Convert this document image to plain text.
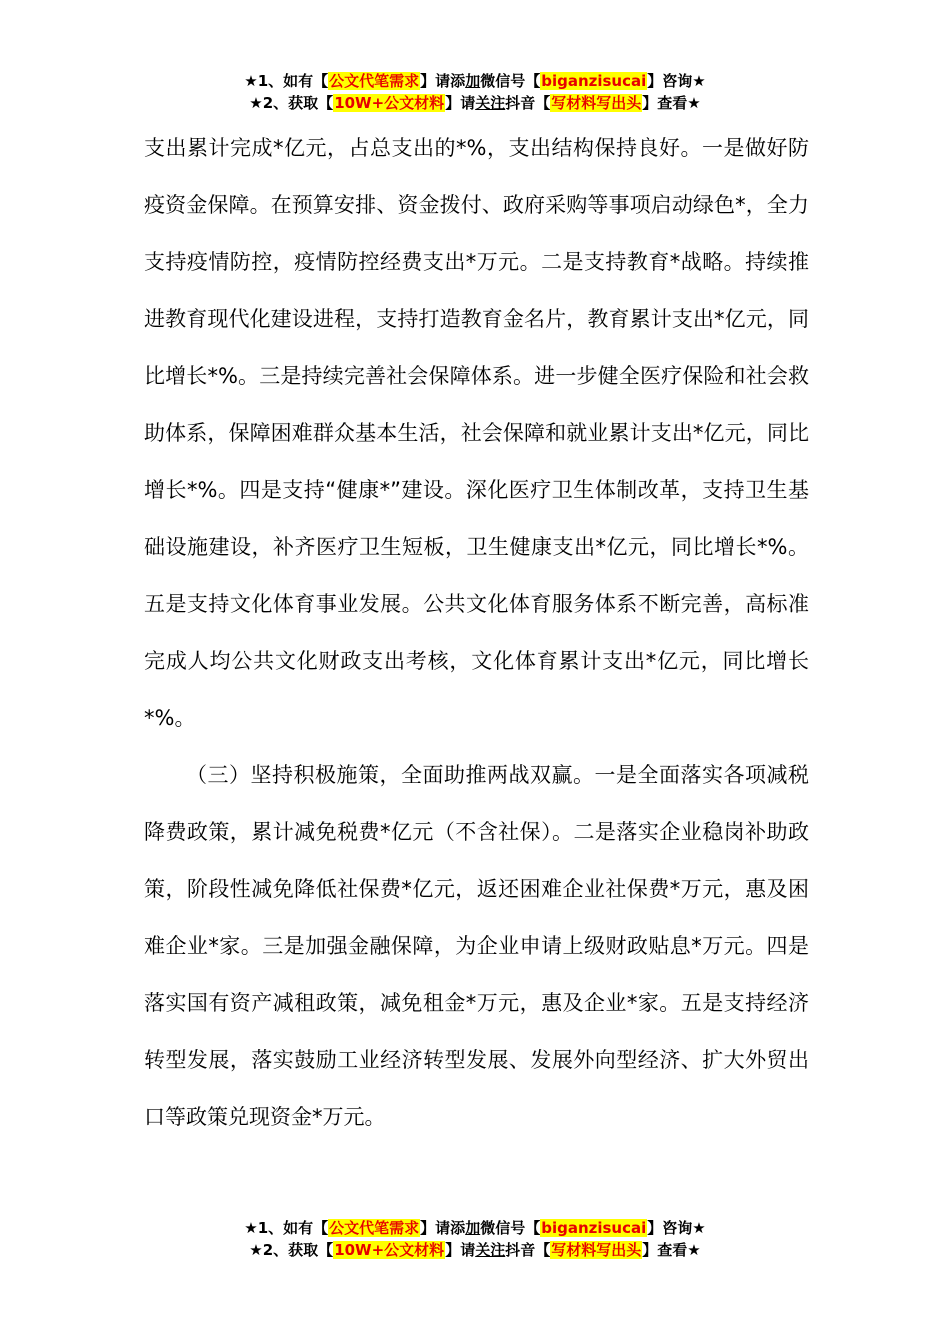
★1、如有【公文代笔需求】请添加微信号【biganzisucai】咨询★
★2、获取【10W+公文材料】请关注抖音【写材料写出头】查看★

支出累计完成*亿元，占总支出的*%，支出结构保持良好。一是做好防疫资金保障。在预算安排、资金拨付、政府采购等事项启动绿色*，全力支持疫情防控，疫情防控经费支出*万元。二是支持教育*战略。持续推进教育现代化建设进程，支持打造教育金名片，教育累计支出*亿元，同比增长*%。三是持续完善社会保障体系。进一步健全医疗保险和社会救助体系，保障困难群众基本生活，社会保障和就业累计支出*亿元，同比增长*%。四是支持“健康*”建设。深化医疗卫生体制改革，支持卫生基础设施建设，补齐医疗卫生短板，卫生健康支出*亿元，同比增长*%。五是支持文化体育事业发展。公共文化体育服务体系不断完善，高标准完成人均公共文化财政支出考核，文化体育累计支出*亿元，同比增长*%。

（三）坚持积极施策，全面助推两战双赢。一是全面落实各项减税降费政策，累计减免税费*亿元（不含社保）。二是落实企业稳岗补助政策，阶段性减免降低社保费*亿元，返还困难企业社保费*万元，惠及困难企业*家。三是加强金融保障，为企业申请上级财政贴息*万元。四是落实国有资产减租政策，减免租金*万元，惠及企业*家。五是支持经济转型发展，落实鼓励工业经济转型发展、发展外向型经济、扩大外贸出口等政策兑现资金*万元。

★1、如有【公文代笔需求】请添加微信号【biganzisucai】咨询★
★2、获取【10W+公文材料】请关注抖音【写材料写出头】查看★
